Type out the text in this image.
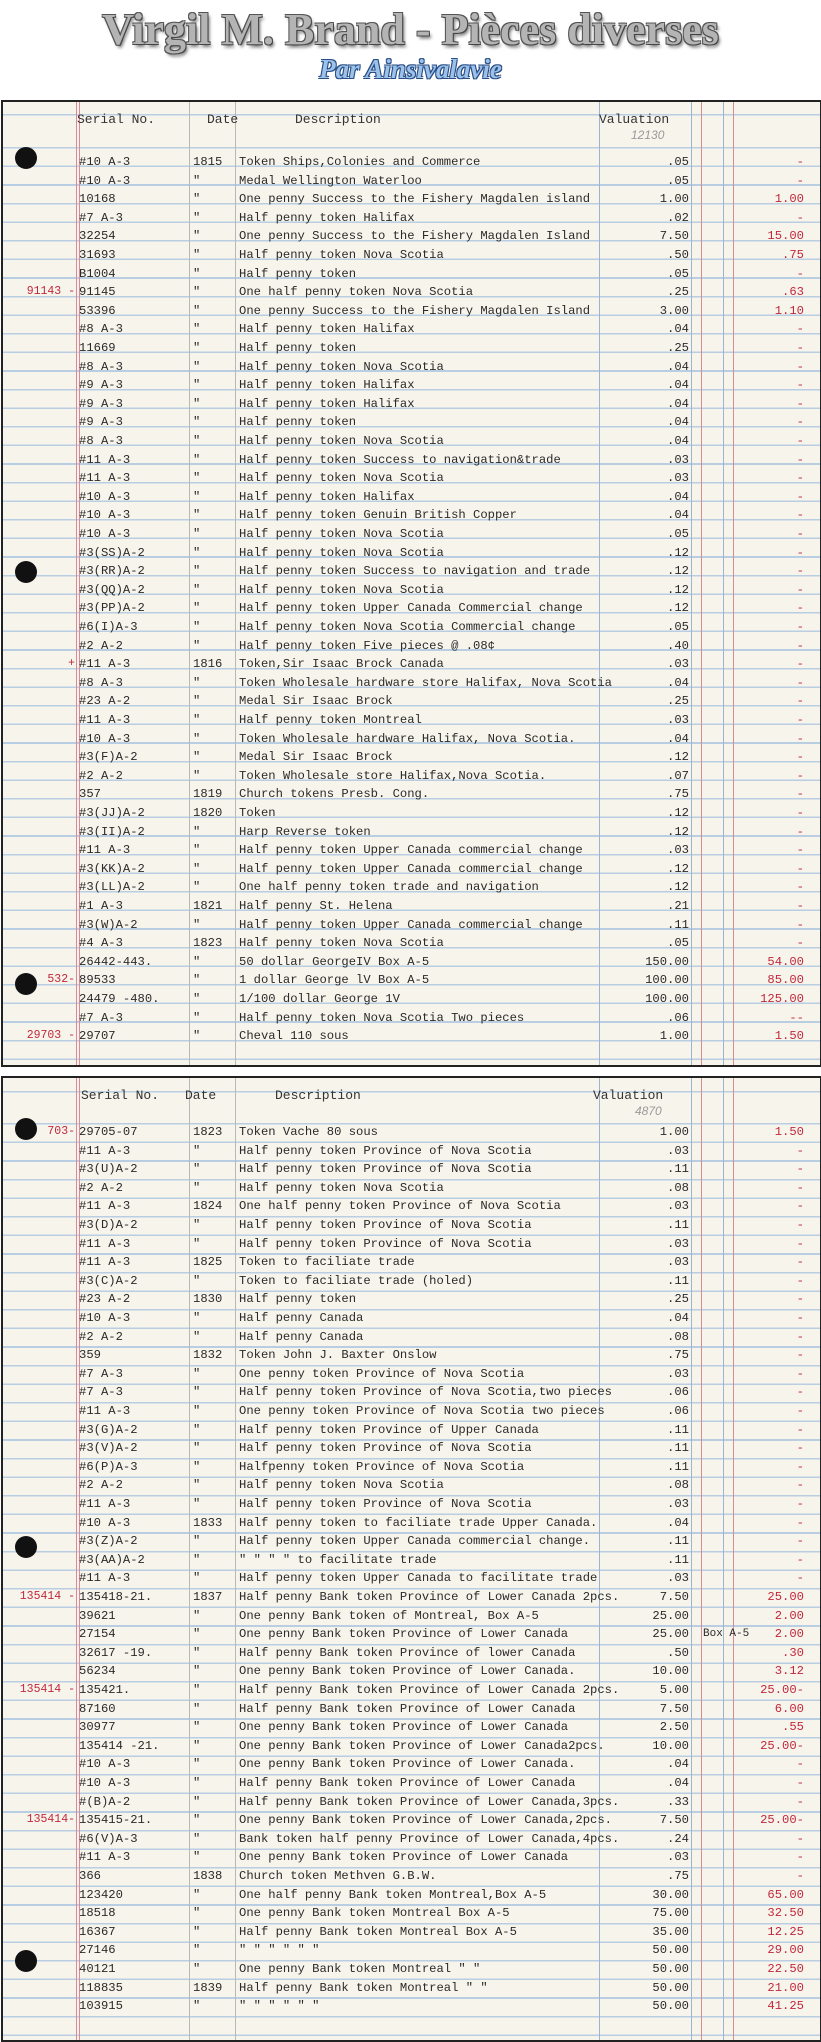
Virgil M. Brand - Pièces diverses
Par Ainsivalavie
Serial No.	Date	Description	Valuation
12130
#10 A-3	1815 Token Ships,Colonies and Commerce	.05	-
#10 A-3	"	Medal Wellington Waterloo	.05	-
10168	"	One penny Success to the Fishery Magdalen island	1.00	1.00
#7 A-3	"	Half penny token Halifax	.02	-
32254	"	One penny Success to the Fishery Magdalen Island	7.50	15.00
31693	"	Half penny token Nova Scotia	.50	.75
B1004	"	Half penny token	.05	-
91143 - 91145	"	One half penny token Nova Scotia	.25	.63
53396	"	One penny Success to the Fishery Magdalen Island	3.00	1.10
#8 A-3	"	Half penny token Halifax	.04	-
11669	"	Half penny token	.25	-
#8 A-3	"	Half penny token Nova Scotia	.04	-
#9 A-3	"	Half penny token Halifax	.04	-
#9 A-3	"	Half penny token Halifax	.04	-
#9 A-3	"	Half penny token	.04	-
#8 A-3	"	Half penny token Nova Scotia	.04	-
#11 A-3	"	Half penny token Success to navigation&trade	.03	-
#11 A-3	"	Half penny token Nova Scotia	.03	-
#10 A-3	"	Half penny token Halifax	.04	-
#10 A-3	"	Half penny token Genuin British Copper	.04	-
#10 A-3	"	Half penny token Nova Scotia	.05	-
#3(SS)A-2	"	Half penny token Nova Scotia	.12	-
#3(RR)A-2	"	Half penny token Success to navigation and trade	.12	-
#3(QQ)A-2	"	Half penny token Nova Scotia	.12	-
#3(PP)A-2	"	Half penny token Upper Canada Commercial change	.12	-
#6(I)A-3	"	Half penny token Nova Scotia Commercial change	.05	-
#2 A-2	"	Half penny token Five pieces @ .08¢	.40	-
+ #11 A-3	1816 Token,Sir Isaac Brock Canada	.03	-
#8 A-3	"	Token Wholesale hardware store Halifax, Nova Scotia	.04	-
#23 A-2	"	Medal Sir Isaac Brock	.25	-
#11 A-3	"	Half penny token Montreal	.03	-
#10 A-3	"	Token Wholesale hardware Halifax, Nova Scotia.	.04	-
#3(F)A-2	"	Medal Sir Isaac Brock	.12	-
#2 A-2	"	Token Wholesale store Halifax,Nova Scotia.	.07	-
357	1819 Church tokens Presb. Cong.	.75	-
#3(JJ)A-2	1820 Token	.12	-
#3(II)A-2	"	Harp Reverse token	.12	-
#11 A-3	"	Half penny token Upper Canada commercial change	.03	-
#3(KK)A-2	"	Half penny token Upper Canada commercial change	.12	-
#3(LL)A-2	"	One half penny token trade and navigation	.12	-
#1 A-3	1821 Half penny St. Helena	.21	-
#3(W)A-2	"	Half penny token Upper Canada commercial change	.11	-
#4 A-3	1823 Half penny token Nova Scotia	.05	-
26442-443.	"	50 dollar GeorgeIV Box A-5	150.00	54.00
532- 89533	"	1 dollar George lV Box A-5	100.00	85.00
24479 -480.	"	1/100 dollar George 1V	100.00	125.00
#7 A-3	"	Half penny token Nova Scotia Two pieces	.06	--
29703 - 29707	"	Cheval 110 sous	1.00	1.50
Serial No. Date	Description	Valuation
4870
703- 29705-07	1823 Token Vache 80 sous	1.00	1.50
#11 A-3	"	Half penny token Province of Nova Scotia	.03	-
#3(U)A-2	"	Half penny token Province of Nova Scotia	.11	-
#2 A-2	"	Half penny token Nova Scotia	.08	-
#11 A-3	1824 One half penny token Province of Nova Scotia	.03	-
#3(D)A-2	"	Half penny token Province of Nova Scotia	.11	-
#11 A-3	"	Half penny token Province of Nova Scotia	.03	-
#11 A-3	1825 Token to faciliate trade	.03	-
#3(C)A-2	"	Token to faciliate trade (holed)	.11	-
#23 A-2	1830 Half penny token	.25	-
#10 A-3	"	Half penny Canada	.04	-
#2 A-2	"	Half penny Canada	.08	-
359	1832 Token John J. Baxter Onslow	.75	-
#7 A-3	"	One penny token Province of Nova Scotia	.03	-
#7 A-3	"	Half penny token Province of Nova Scotia,two pieces	.06	-
#11 A-3	"	One penny token Province of Nova Scotia two pieces	.06	-
#3(G)A-2	"	Half penny token Province of Upper Canada	.11	-
#3(V)A-2	"	Half penny token Province of Nova Scotia	.11	-
#6(P)A-3	"	Halfpenny token Province of Nova Scotia	.11	-
#2 A-2	"	Half penny token Nova Scotia	.08	-
#11 A-3	"	Half penny token Province of Nova Scotia	.03	-
#10 A-3	1833 Half penny token to faciliate trade Upper Canada.	.04	-
#3(Z)A-2	"	Half penny token Upper Canada commercial change.	.11	-
#3(AA)A-2	"	" " " " to facilitate trade	.11	-
#11 A-3	"	Half penny token Upper Canada to facilitate trade	.03	-
135414 - 135418-21.	1837 Half penny Bank token Province of Lower Canada 2pcs.	7.50	25.00
39621	"	One penny Bank token of Montreal, Box A-5	25.00	2.00
27154	"	One penny Bank token Province of Lower Canada	25.00 Box A-5	2.00
32617 -19.	"	Half penny Bank token Province of lower Canada	.50	.30
56234	"	One penny Bank token Province of Lower Canada.	10.00	3.12
135414 - 135421.	"	Half penny Bank token Province of Lower Canada 2pcs.	5.00	25.00-
87160	"	Half penny Bank token Province of Lower Canada	7.50	6.00
30977	"	One penny Bank token Province of Lower Canada	2.50	.55
135414 -21.	"	One penny Bank token Province of Lower Canada2pcs.	10.00	25.00-
#10 A-3	"	One penny Bank token Province of Lower Canada.	.04	-
#10 A-3	"	Half penny Bank token Province of Lower Canada	.04	-
#(B)A-2	"	Half penny Bank token Province of Lower Canada,3pcs.	.33	-
135414- 135415-21.	"	One penny Bank token Province of Lower Canada,2pcs.	7.50	25.00-
#6(V)A-3	"	Bank token half penny Province of Lower Canada,4pcs.	.24	-
#11 A-3	"	One penny Bank token Province of Lower Canada	.03	-
366	1838 Church token Methven G.B.W.	.75	-
123420	"	One half penny Bank token Montreal,Box A-5	30.00	65.00
18518	"	One penny Bank token Montreal Box A-5	75.00	32.50
16367	"	Half penny Bank token Montreal Box A-5	35.00	12.25
27146	"	" " " " " "	50.00	29.00
40121	"	One penny Bank token Montreal " "	50.00	22.50
118835	1839 Half penny Bank token Montreal " "	50.00	21.00
103915	"	" " " " " "	50.00	41.25
